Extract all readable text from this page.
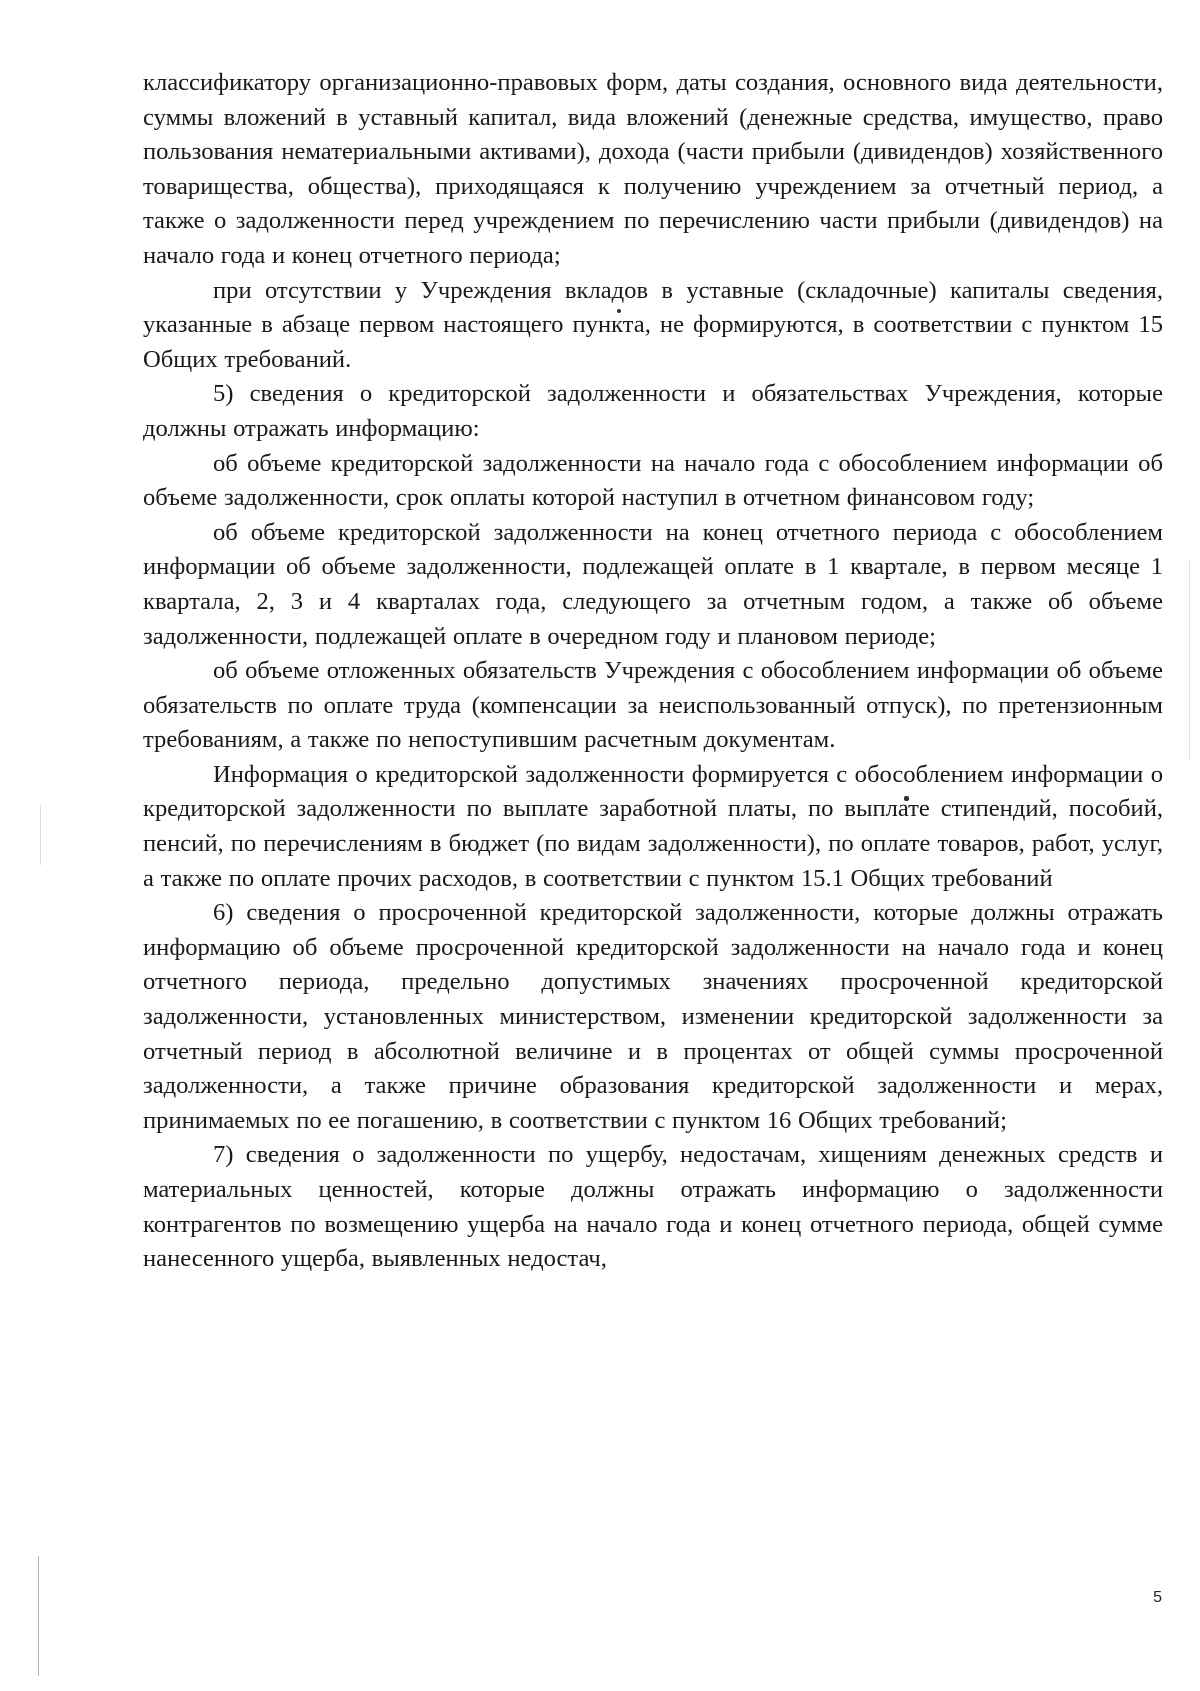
классификатору организационно-правовых форм, даты создания, основного вида деятельности, суммы вложений в уставный капитал, вида вложений (денежные средства, имущество, право пользования нематериальными активами), дохода (части прибыли (дивидендов) хозяйственного товарищества, общества), приходящаяся к получению учреждением за отчетный период, а также о задолженности перед учреждением по перечислению части прибыли (дивидендов) на начало года и конец отчетного периода;

при отсутствии у Учреждения вкладов в уставные (складочные) капиталы сведения, указанные в абзаце первом настоящего пункта, не формируются, в соответствии с пунктом 15 Общих требований.

5) сведения о кредиторской задолженности и обязательствах Учреждения, которые должны отражать информацию:

об объеме кредиторской задолженности на начало года с обособлением информации об объеме задолженности, срок оплаты которой наступил в отчетном финансовом году;

об объеме кредиторской задолженности на конец отчетного периода с обособлением информации об объеме задолженности, подлежащей оплате в 1 квартале, в первом месяце 1 квартала, 2, 3 и 4 кварталах года, следующего за отчетным годом, а также об объеме задолженности, подлежащей оплате в очередном году и плановом периоде;

об объеме отложенных обязательств Учреждения с обособлением информации об объеме обязательств по оплате труда (компенсации за неиспользованный отпуск), по претензионным требованиям, а также по непоступившим расчетным документам.

Информация о кредиторской задолженности формируется с обособлением информации о кредиторской задолженности по выплате заработной платы, по выплате стипендий, пособий, пенсий, по перечислениям в бюджет (по видам задолженности), по оплате товаров, работ, услуг, а также по оплате прочих расходов, в соответствии с пунктом 15.1 Общих требований

6) сведения о просроченной кредиторской задолженности, которые должны отражать информацию об объеме просроченной кредиторской задолженности на начало года и конец отчетного периода, предельно допустимых значениях просроченной кредиторской задолженности, установленных министерством, изменении кредиторской задолженности за отчетный период в абсолютной величине и в процентах от общей суммы просроченной задолженности, а также причине образования кредиторской задолженности и мерах, принимаемых по ее погашению, в соответствии с пунктом 16 Общих требований;

7) сведения о задолженности по ущербу, недостачам, хищениям денежных средств и материальных ценностей, которые должны отражать информацию о задолженности контрагентов по возмещению ущерба на начало года и конец отчетного периода, общей сумме нанесенного ущерба, выявленных недостач,

5
